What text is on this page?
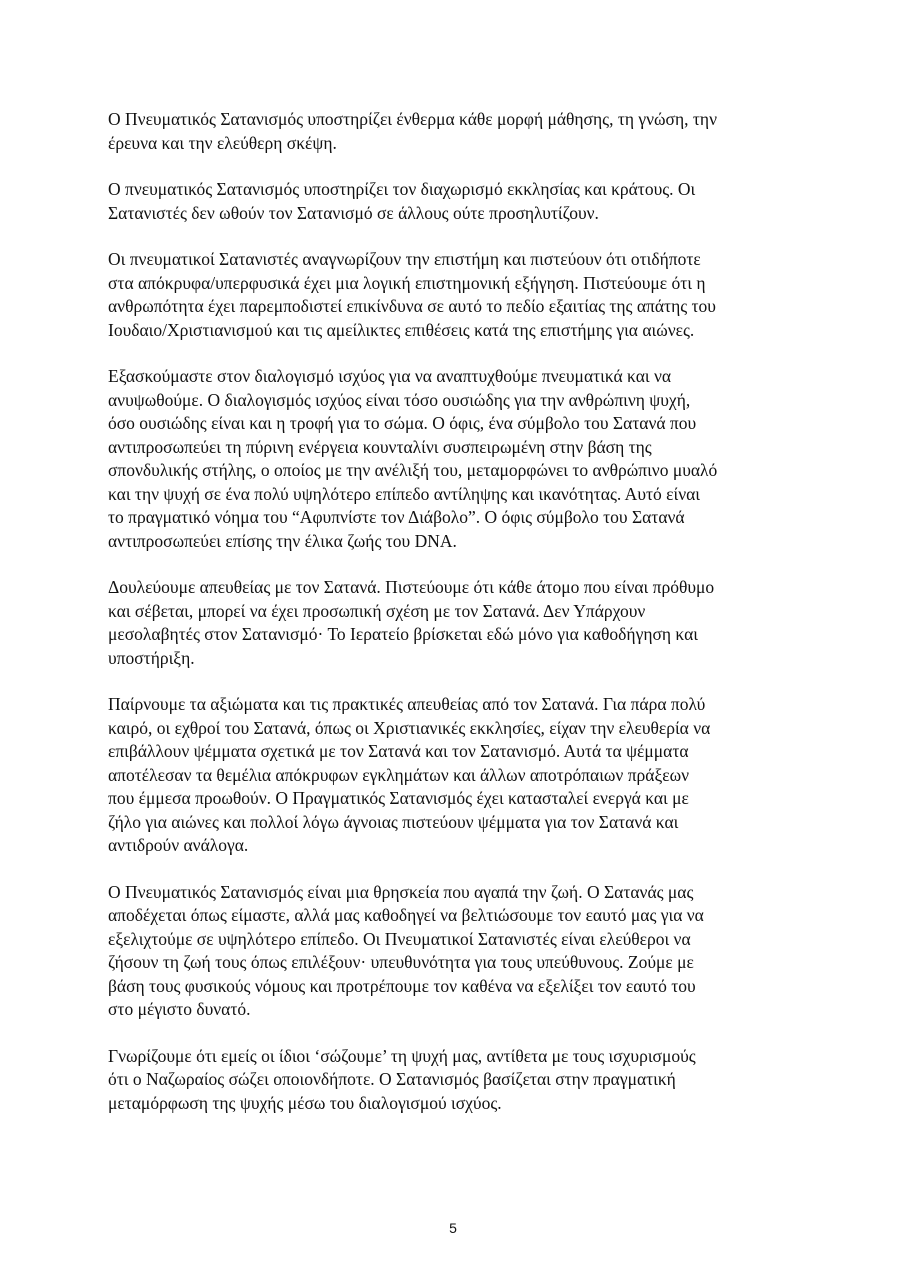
Ο Πνευματικός Σατανισμός υποστηρίζει ένθερμα κάθε μορφή μάθησης, τη γνώση, την
έρευνα και την ελεύθερη σκέψη.

Ο πνευματικός Σατανισμός υποστηρίζει τον διαχωρισμό εκκλησίας και κράτους. Οι
Σατανιστές δεν ωθούν τον Σατανισμό σε άλλους ούτε προσηλυτίζουν.

Οι πνευματικοί Σατανιστές αναγνωρίζουν την επιστήμη και πιστεύουν ότι οτιδήποτε
στα απόκρυφα/υπερφυσικά έχει μια λογική επιστημονική εξήγηση. Πιστεύουμε ότι η
ανθρωπότητα έχει παρεμποδιστεί επικίνδυνα σε αυτό το πεδίο εξαιτίας της απάτης του
Ιουδαιο/Χριστιανισμού και τις αμείλικτες επιθέσεις κατά της επιστήμης για αιώνες.

Εξασκούμαστε στον διαλογισμό ισχύος για να αναπτυχθούμε πνευματικά και να
ανυψωθούμε. Ο διαλογισμός ισχύος είναι τόσο ουσιώδης για την ανθρώπινη ψυχή,
όσο ουσιώδης είναι και η τροφή για το σώμα. Ο όφις, ένα σύμβολο του Σατανά που
αντιπροσωπεύει τη πύρινη ενέργεια κουνταλίνι συσπειρωμένη στην βάση της
σπονδυλικής στήλης, ο οποίος με την ανέλιξή του, μεταμορφώνει το ανθρώπινο μυαλό
και την ψυχή σε ένα πολύ υψηλότερο επίπεδο αντίληψης και ικανότητας. Αυτό είναι
το πραγματικό νόημα του “Αφυπνίστε τον Διάβολο”. Ο όφις σύμβολο του Σατανά
αντιπροσωπεύει επίσης την έλικα ζωής του DNA.

Δουλεύουμε απευθείας με τον Σατανά. Πιστεύουμε ότι κάθε άτομο που είναι πρόθυμο
και σέβεται, μπορεί να έχει προσωπική σχέση με τον Σατανά. Δεν Υπάρχουν
μεσολαβητές στον Σατανισμό· Το Ιερατείο βρίσκεται εδώ μόνο για καθοδήγηση και
υποστήριξη.

Παίρνουμε τα αξιώματα και τις πρακτικές απευθείας από τον Σατανά. Για πάρα πολύ
καιρό, οι εχθροί του Σατανά, όπως οι Χριστιανικές εκκλησίες, είχαν την ελευθερία να
επιβάλλουν ψέμματα σχετικά με τον Σατανά και τον Σατανισμό. Αυτά τα ψέμματα
αποτέλεσαν τα θεμέλια απόκρυφων εγκλημάτων και άλλων αποτρόπαιων πράξεων
που έμμεσα προωθούν. Ο Πραγματικός Σατανισμός έχει κατασταλεί ενεργά και με
ζήλο για αιώνες και πολλοί λόγω άγνοιας πιστεύουν ψέμματα για τον Σατανά και
αντιδρούν ανάλογα.

Ο Πνευματικός Σατανισμός είναι μια θρησκεία που αγαπά την ζωή. Ο Σατανάς μας
αποδέχεται όπως είμαστε, αλλά μας καθοδηγεί να βελτιώσουμε τον εαυτό μας για να
εξελιχτούμε σε υψηλότερο επίπεδο. Οι Πνευματικοί Σατανιστές είναι ελεύθεροι να
ζήσουν τη ζωή τους όπως επιλέξουν· υπευθυνότητα για τους υπεύθυνους. Ζούμε με
βάση τους φυσικούς νόμους και προτρέπουμε τον καθένα να εξελίξει τον εαυτό του
στο μέγιστο δυνατό.

Γνωρίζουμε ότι εμείς οι ίδιοι ‘σώζουμε’ τη ψυχή μας, αντίθετα με τους ισχυρισμούς
ότι ο Ναζωραίος σώζει οποιονδήποτε. Ο Σατανισμός βασίζεται στην πραγματική
μεταμόρφωση της ψυχής μέσω του διαλογισμού ισχύος.

5
